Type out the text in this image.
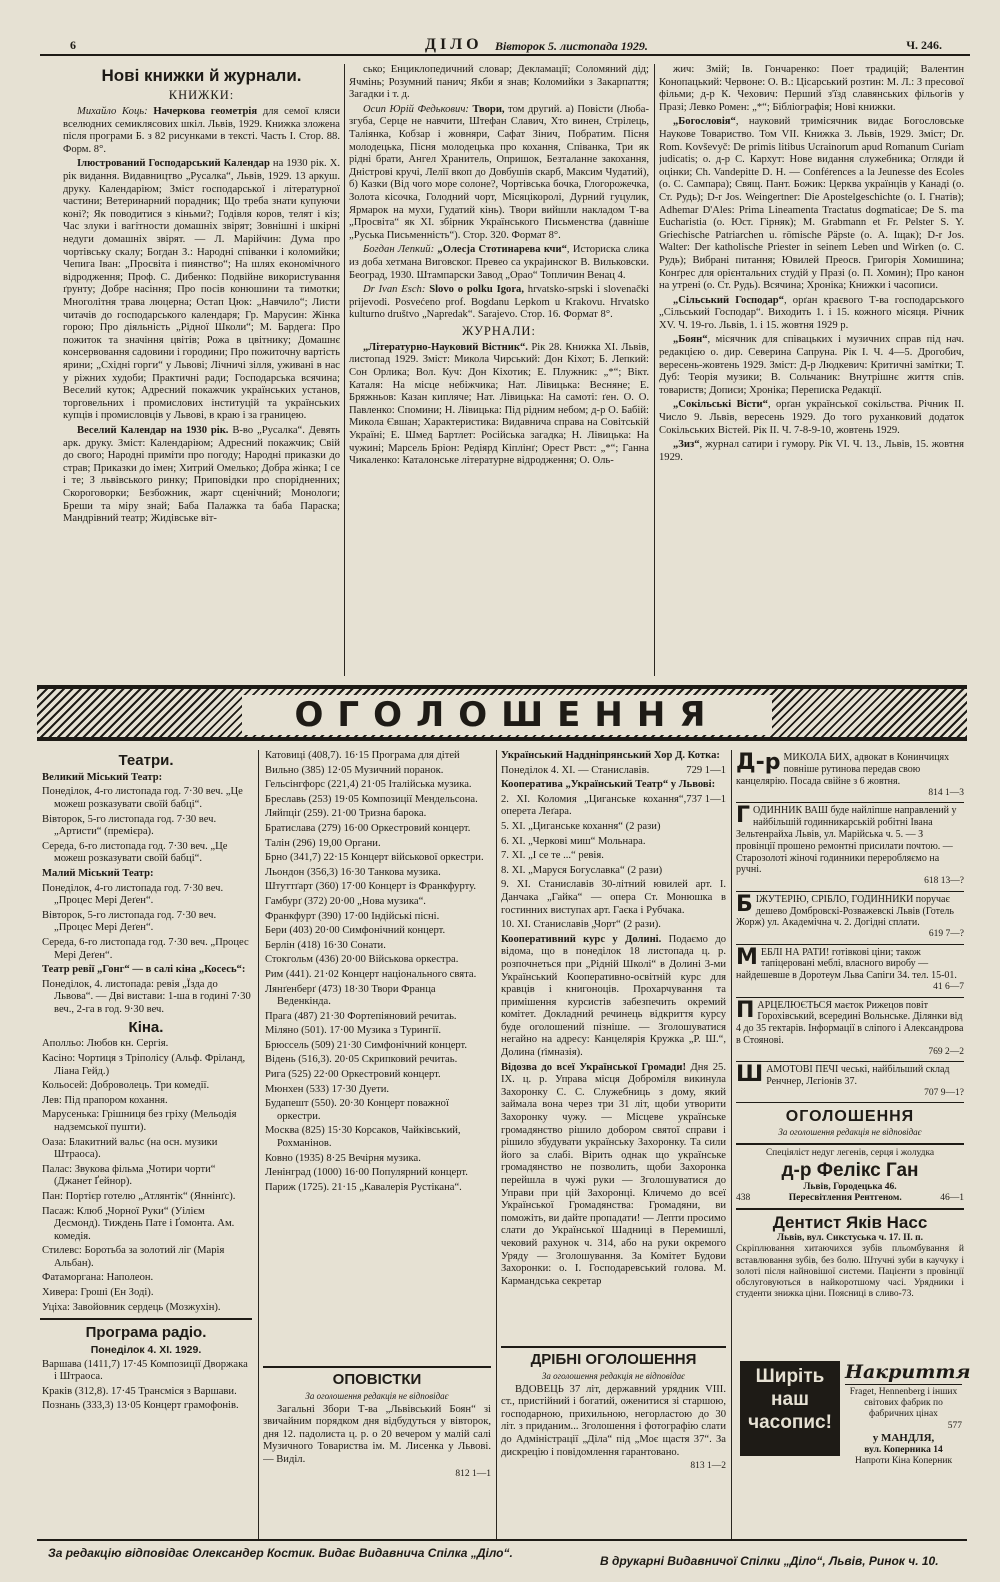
6	ДІЛО Вівторок 5. листопада 1929.	Ч. 246.
Нові книжки й журнали.
КНИЖКИ:

Михайло Коць: Начеркова геометрія для семої кляси вселюдних семиклясових шкіл. Львів, 1929. Книжка зложена після програми Б. з 82 рисунками в тексті. Часть І. Стор. 88. Форм. 8°.

Ілюстрований Господарський Календар на 1930 рік. Х. рік видання. Видавництво „Русалка“, Львів, 1929. 13 аркуш. друку. Календаріюм; Зміст господарської і літературної частини; Ветеринарний порадник; Що треба знати купуючи коні?; Як поводитися з кіньми?; Годівля коров, телят і кіз; Час злуки і вагітности домашніх звірят; Зовнішні і шкірні недуги домашніх звірят. — Л. Марійчин: Дума про чортівську скалу; Богдан З.: Народні співанки і коломийки; Чепига Іван: „Просвіта і пиянство“; На шлях економічного відродження; Проф. С. Дибенко: Подвійне використування ґрунту; Добре насіння; Про посів конюшини та тимотки; Многолітня трава люцерна; Остап Цюк: „Навчило“; Листи читачів до господарського календаря; Гр. Марусин: Жінка горою; Про діяльність „Рідної Школи“; М. Бардега: Про пожиток та значіння цвітів; Рожа в цвітнику; Домашнє консервовання садовини і городини; Про пожиточну вартість ярини; „Східні горги“ у Львові; Лічничі зілля, уживані в нас у ріжних худоби; Практичні ради; Господарська всячина; Веселий куток; Адресний покажчик українських установ, торговельних і промислових інституцій та українських купців і промисловців у Львові, в краю і за границею.

Веселий Календар на 1930 рік. В-во „Русалка“. Девять арк. друку. Зміст: Календаріюм; Адресний покажчик; Свій до свого; Народні приміти про погоду; Народні приказки до страв; Приказки до імен; Хитрий Омелько; Добра жінка; І се і те; З львівського ринку; Приповідки про спорідненних; Скороговорки; Безбожник, жарт сценічний; Монологи; Бреши та міру знай; Баба Палажка та баба Параска; Мандрівний театр; Жидівське віт-

сько; Енциклопедичний словар; Декламації; Соломяний дід; Ячмінь; Розумний панич; Якби я знав; Коломийки з Закарпаття; Загадки і т. д.

Осип Юрій Федькович: Твори, том другий. а) Повісти (Люба-згуба, Серце не навчити, Штефан Славич, Хто винен, Стрілець, Таліянка, Кобзар і жовняри, Сафат Зінич, Побратим. Пісня молодецька, Пісня молодецька про кохання, Співанка, Три як рідні брати, Ангел Хранитель, Опришок, Безталанне закохання, Дністрові кручі, Лелії вкоп до Довбушів скарб, Максим Чудатий), б) Казки (Від чого море солоне?, Чортівська бочка, Глогорожечка, Золота кісочка, Голодний чорт, Місяцікоролі, Дурний гуцулик, Ярмарок на мухи, Гудатий кінь). Твори вийшли накладом Т-ва „Просвіта“ як ХІ. збірник Українського Письменства (давніше „Руська Письменність“). Стор. 320. Формат 8°.

Богдан Лепкий: „Олесја Стотинарева кчи“, Историска слика из доба хетмана Виговског. Превео са украјинског В. Вильковски. Београд, 1930. Штампарски Завод „Орао“ Топличин Венац 4.

Dr Ivan Esch: Slovo o polku Igora, hrvatsko-srpski i slovenački prijevodi. Posvećeno prof. Bogdanu Lepkom u Krakovu. Hrvatsko kulturno društvo „Napredak“. Sarajevo. Стор. 16. Формат 8°.

ЖУРНАЛИ:

„Літературно-Науковий Вістник“. Рік 28. Книжка ХІ. Львів, листопад 1929. Зміст: Микола Чирський: Дон Кіхот; Б. Лепкий: Сон Орлика; Вол. Куч: Дон Кіхотик; Е. Плужник: „*“; Вікт. Каталя: На місце небіжчика; Нат. Лівицька: Весняне; Е. Бряжньов: Казан кипляче; Нат. Лівицька: На самоті: ґен. О. О. Павленко: Спомини; Н. Лівицька: Під рідним небом; д-р О. Бабій: Микола Євшан; Характеристика: Видавнича справа на Совітській Україні; Е. Шмед Бартлет: Російська загадка; Н. Лівицька: На чужині; Марсель Бріон: Редіярд Кіплінґ; Орест Рвст: „*“; Ганна Чикаленко: Каталонське літературне відродження; О. Оль-

жич: Змій; Ів. Гончаренко: Поет традицій; Валентин Конопацький: Червоне: О. В.: Цісарський розтин: М. Л.: З пресової фільми; д-р К. Чехович: Перший з'їзд славянських фільогів у Празі; Левко Ромен: „*“; Бібліографія; Нові книжки.

„Богословія“, науковий тримісячник видає Богословське Наукове Товариство. Том VII. Книжка 3. Львів, 1929. Зміст; Dr. Rom. Kovševyč: De primis litibus Ucrainorum apud Romanum Curiam judicatis; о. д-р С. Кархут: Нове видання служебника; Огляди й оцінки; Ch. Vandepitte D. H. — Conférences a la Jeunesse des Ecoles (о. С. Сампара); Свящ. Пант. Божик: Церква українців у Канаді (о. Ст. Рудь); D-r Jos. Weingertner: Die Apostelgeschichte (о. І. Гнатів); Adhemar D'Ales: Prima Lineamenta Tractatus dogmaticae; De S. ma Eucharistia (о. Юст. Гірняк); M. Grabmann et Fr. Pelster S. Y. Griechische Patriarchen u. römische Päpste (о. А. Іщак); D-r Jos. Walter: Der katholische Priester in seinem Leben und Wirken (о. С. Рудь); Вибрані питання; Ювилей Преосв. Григорія Хомишина; Конґрес для орієнтальних студій у Празі (о. П. Хомин); Про канон на утрені (о. Ст. Рудь). Всячина; Хроніка; Книжки і часописи.

„Сільський Господар“, орґан краєвого Т-ва господарського „Сільський Господар“. Виходить 1. і 15. кожного місяця. Річник XV. Ч. 19-го. Львів, 1. і 15. жовтня 1929 р.

„Боян“, місячник для співацьких і музичних справ під нач. редакцією о. дир. Северина Сапруна. Рік І. Ч. 4—5. Дрогобич, вересень-жовтень 1929. Зміст: Д-р Людкевич: Критичні замітки; Т. Дуб: Теорія музики; В. Сольчаник: Внутрішнє життя спів. товариств; Дописи; Хроніка; Переписка Редакції.

„Сокільські Вісти“, орґан української сокільства. Річник ІІ. Число 9. Львів, вересень 1929. До того руханковий додаток Сокільських Вістей. Рік ІІ. Ч. 7-8-9-10, жовтень 1929.

„Зиз“, журнал сатири і гумору. Рік VI. Ч. 13., Львів, 15. жовтня 1929.

ОГОЛОШЕННЯ
Театри.

Великий Міський Театр:

Понеділок, 4-го листопада год. 7·30 веч. „Це можеш розказувати своїй бабці“.

Вівторок, 5-го листопада год. 7·30 веч. „Артисти“ (премієра).

Середа, 6-го листопада год. 7·30 веч. „Це можеш розказувати своїй бабці“.

Малий Міський Театр:

Понеділок, 4-го листопада год. 7·30 веч. „Процес Мері Деґен“.

Вівторок, 5-го листопада год. 7·30 веч. „Процес Мері Деґен“.

Середа, 6-го листопада год. 7·30 веч. „Процес Мері Деґен“.

Театр ревії „Гонг“ — в салі кіна „Косесь“:

Понеділок, 4. листопада: ревія „Їзда до Львова“. — Дві вистави: 1-ша в годині 7·30 веч., 2-га в год. 9·30 веч.

Кіна.

Аполльо: Любов кн. Сергія.

Касіно: Чортиця з Тріполісу (Альф. Фріланд, Ліана Гейд.)

Кольосей: Доброволець. Три комедії.

Лев: Під прапором кохання.

Марусенька: Грішниця без гріху (Мельодія надземської пушти).

Оаза: Блакитний вальс (на осн. музики Штраоса).

Палас: Звукова фільма „Чотири чорти“ (Джанет Ґейнор).

Пан: Портієр готелю „Атлянтік“ (Яннінґс).

Пасаж: Клюб „Чорної Руки“ (Уілієм Десмонд). Тиждень Пате і Ґомонта. Ам. комедія.

Стилевс: Боротьба за золотий ліг (Марія Альбан).

Фатаморгана: Наполеон.

Хивера: Гроші (Ен Зоді).

Уціха: Завойовник сердець (Мозжухін).

Програма радіо.
Понеділок 4. XI. 1929.

Варшава (1411,7) 17·45 Композиції Дворжака і Штраоса.

Краків (312,8). 17·45 Трансміся з Варшави.

Познань (333,3) 13·05 Концерт грамофонів.

Катовиці (408,7). 16·15 Програма для дітей

Вильно (385) 12·05 Музичний поранок.

Гельсінгфорс (221,4) 21·05 Італійська музика.

Бреславь (253) 19·05 Композиції Мендельсона.

Ляйпціґ (259). 21·00 Тризна барока.

Братислава (279) 16·00 Оркестровий концерт.

Талін (296) 19,00 Органи.

Брно (341,7) 22·15 Концерт військової оркестри.

Льондон (356,3) 16·30 Танкова музика.

Штуттґарт (360) 17·00 Концерт із Франкфурту.

Гамбурґ (372) 20·00 „Нова музика“.

Франкфурт (390) 17·00 Індійські пісні.

Бери (403) 20·00 Симфонічний концерт.

Берлін (418) 16·30 Сонати.

Стокгольм (436) 20·00 Військова оркестра.

Рим (441). 21·02 Концерт національного свята.

Лянґенберґ (473) 18·30 Твори Франца Веденкінда.

Прага (487) 21·30 Фортепіяновий речитаь.

Міляно (501). 17·00 Музика з Турингії.

Брюссель (509) 21·30 Симфонічний концерт.

Відень (516,3). 20·05 Скрипковий речитаь.

Рига (525) 22·00 Оркестровий концерт.

Мюнхен (533) 17·30 Дуети.

Будапешт (550). 20·30 Концерт поважної оркестри.

Москва (825) 15·30 Корсаков, Чайківський, Рохманінов.

Ковно (1935) 8·25 Вечірня музика.

Ленінград (1000) 16·00 Популярний концерт.

Париж (1725). 21·15 „Кавалерія Рустікана“.

ОПОВІСТКИ
За оголошення редакція не відповідає

Загальні Збори Т-ва „Львівський Боян“ зі звичайним порядком дня відбудуться у вівторок, дня 12. падолиста ц. р. о 20 вечером у малій салі Музичного Товариства ім. М. Лисенка у Львові. — Виділ.

812 1—1

Український Наддніпрянський Хор Д. Котка:

729 1—1
Понеділок 4. XI. — Станиславів.

Кооператива „Український Театр“ у Львові:

737 1—1

2. XI. Коломия „Циганське кохання“, оперета Леґара.

5. XI. „Циганське кохання“ (2 рази)

6. XI. „Черкові миш“ Мольнара.

7. XI. „І се те ...“ ревія.

8. XI. „Маруся Богуславка“ (2 рази)

9. XI. Станиславів 30-літний ювилей арт. І. Данчака „Гайка“ — опера Ст. Монюшка в гостинних виступах арт. Гаєка і Рубчака.

10. XI. Станиславів „Чорт“ (2 рази).

Кооперативний курс у Долині. Подаємо до відома, що в понеділок 18 листопада ц. р. розпочнеться при „Рідній Школі“ в Долині 3-ми Український Кооперативно-освітній курс для кравців і книгоноців. Прохарчування та примішення курсистів забезпечить окремий комітет. Докладний речинець відкриття курсу буде оголошений пізніше. — Зголошуватися негайно на адресу: Канцелярія Кружка „Р. Ш.“, Долина (ґімназія).

Відозва до всеї Української Громади! Дня 25. IX. ц. р. Управа місця Доброміля викинула Захоронку С. С. Служебниць з дому, який займала вона через три 31 літ, щоби утворити Захоронку чужу. — Місцеве українське громадянство рішило добором святої справи і рішило збудувати українську Захоронку. Та сили його за слабі. Вірить однак що українське громадянство не позволить, щоби Захоронка перейшла в чужі руки — Зголошуватися до Управи при цій Захоронці. Кличемо до всеї Української Громадянства: Громадяни, ви поможіть, ви дайте пропадати! — Лепти просимо слати до Української Шадниці в Перемишлі, чековий рахунок ч. 314, або на руки окремого Уряду — Зголошування. За Комітет Будови Захоронки: о. І. Господаревський голова. М. Кармандська секретар

ДРІБНІ ОГОЛОШЕННЯ
За оголошення редакція не відповідає

ВДОВЕЦЬ 37 літ, державний урядник VIII. ст., пристійний і богатий, оженитися зі старшою, господарною, прихильною, негорластою до 30 літ. з приданим... Зголошення і фотографію слати до Адміністрації „Діла“ під „Моє щастя 37“. За дискрецію і повідомлення гарантовано.

813 1—2
Д-р МИКОЛА БИХ, адвокат в Конинчицях повніше рутинова передав свою канцелярію. Посада свійне з 6 жовтня.
814 1—3
ГОДИННИК ВАШ буде найліпше направлений у найбільшій годинникарській робітні Івана Зельтенрайха Львів, ул. Марійська ч. 5. — З провінції прошено ремонтні присилати почтою. — Старозолоті жіночі годинники переробляємо на ручні.
618 13—?
БІЖУТЕРІЮ, СРІБЛО, ГОДИННИКИ поручає дешево Домбровскі-Розважевскі Львів (Готель Жорж) ул. Академічна ч. 2. Догідні сплати.
619 7—?
МЕБЛІ НА РАТИ! готівкові ціни; також тапіцеровані меблі, власного виробу — найдешевше в Доротеум Льва Сапіги 34. тел. 15-01.
41 6—7
ПАРЦЕЛЮЄТЬСЯ маєток Рижецов повіт Горохівський, всередині Вольнське. Ділянки від 4 до 35 гектарів. Інформації в сліпого і Александрова в Стоянові.
769 2—2
ШАМОТОВІ ПЕЧІ чеські, найбільший склад Ренчнер, Лєгіонів 37.
707 9—1?
ОГОЛОШЕННЯ
За оголошення редакція не відповідає
Спеціяліст недуг легенів, серця і жолудка
д-р Фелікс Ган
Львів, Городецька 46.
438	Пересвітлення Рентгеном.	46—1
Дентист Яків Насс
Львів, вул. Сикстуська ч. 17. ІІ. п.

Скріплювання хитаючихся зубів пльомбування й вставлювання зубів, без болю. Штучні зуби в каучуку і золоті після найновішої системи. Пацієнти з провінції обслуговуються в найкоротшому часі. Урядники і студенти знижка ціни. Поясниці в сливо-73.

Ширіть наш часопис!
Накриття
Fraget, Hennenberg і інших світових фабрик по фабричних цінах
577
у МАНДЛЯ,
вул. Коперника 14
Напроти Кіна Коперник
За редакцію відповідає Олександер Костик. Видає Видавнича Спілка „Діло“.
В друкарні Видавничої Спілки „Діло“, Львів, Ринок ч. 10.
